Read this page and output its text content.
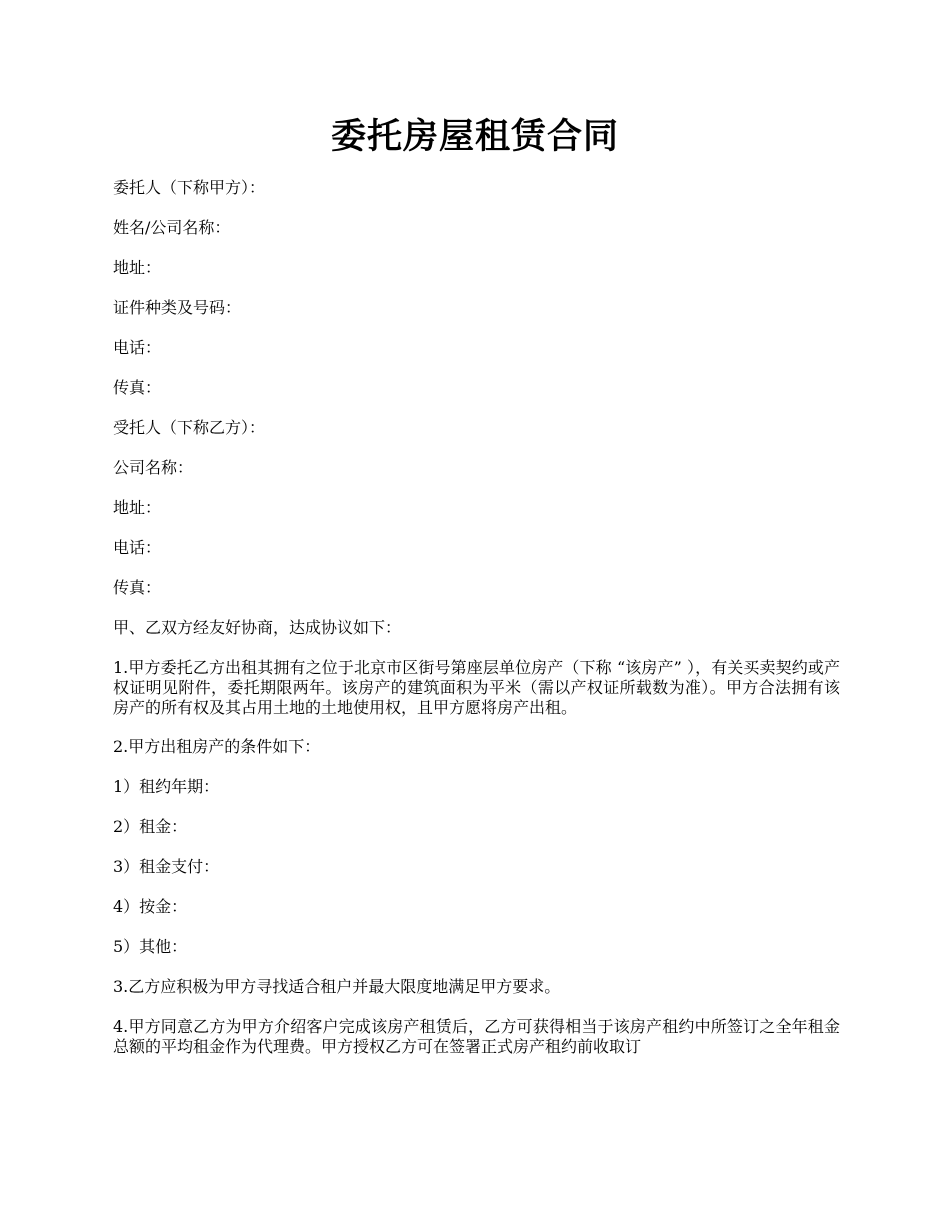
委托房屋租赁合同

委托人（下称甲方）：

姓名/公司名称：

地址：

证件种类及号码：

电话：

传真：

受托人（下称乙方）：

公司名称：

地址：

电话：

传真：

甲、乙双方经友好协商，达成协议如下：

1.甲方委托乙方出租其拥有之位于北京市区街号第座层单位房产（下称 “该房产” ），有关买卖契约或产权证明见附件，委托期限两年。该房产的建筑面积为平米（需以产权证所载数为准）。甲方合法拥有该房产的所有权及其占用土地的土地使用权，且甲方愿将房产出租。

2.甲方出租房产的条件如下：

1）租约年期：

2）租金：

3）租金支付：

4）按金：

5）其他：

3.乙方应积极为甲方寻找适合租户并最大限度地满足甲方要求。

4.甲方同意乙方为甲方介绍客户完成该房产租赁后，乙方可获得相当于该房产租约中所签订之全年租金总额的平均租金作为代理费。甲方授权乙方可在签署正式房产租约前收取订
